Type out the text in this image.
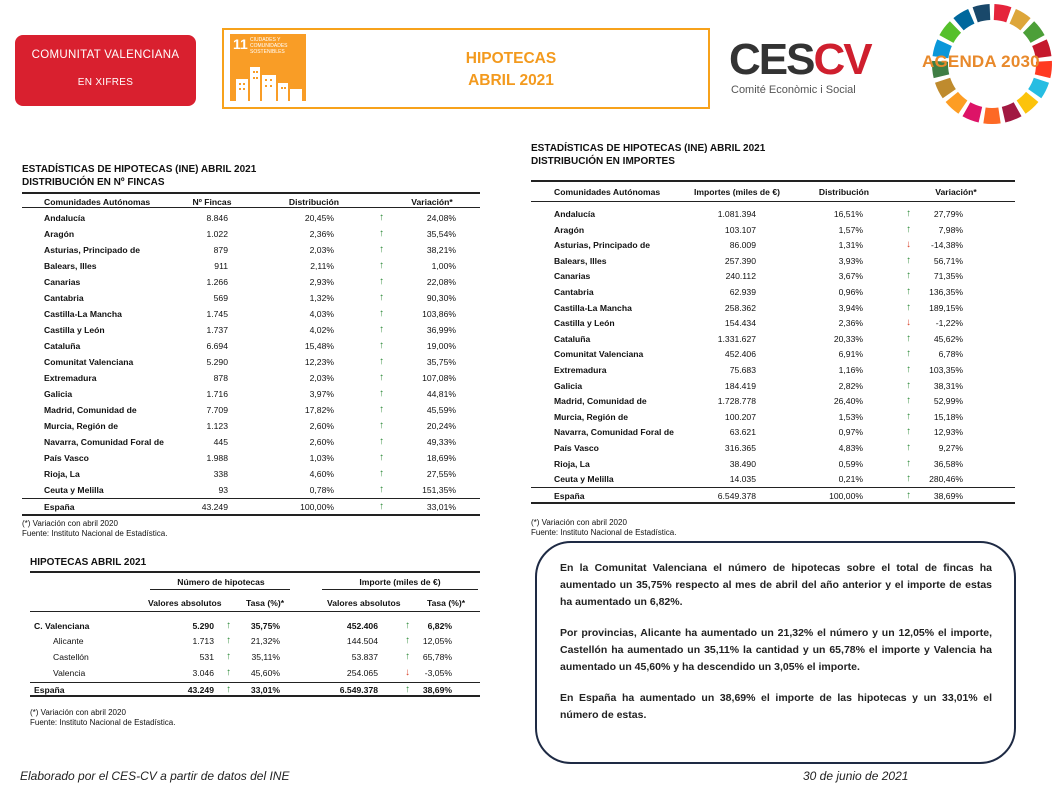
COMUNITAT VALENCIANA
EN XIFRES
11 CIUDADES Y COMUNIDADES SOSTENIBLES	HIPOTECAS
ABRIL 2021	CESCV
Comité Econòmic i Social
AGENDA 2030
ESTADÍSTICAS DE HIPOTECAS (INE) ABRIL 2021
DISTRIBUCIÓN EN Nº FINCAS
Comunidades Autónomas	Nº Fincas	Distribución	Variación*
Andalucía	8.846	20,45%	↑	24,08%
Aragón	1.022	2,36%	↑	35,54%
Asturias, Principado de	879	2,03%	↑	38,21%
Balears, Illes	911	2,11%	↑	1,00%
Canarias	1.266	2,93%	↑	22,08%
Cantabria	569	1,32%	↑	90,30%
Castilla-La Mancha	1.745	4,03%	↑	103,86%
Castilla y León	1.737	4,02%	↑	36,99%
Cataluña	6.694	15,48%	↑	19,00%
Comunitat Valenciana	5.290	12,23%	↑	35,75%
Extremadura	878	2,03%	↑	107,08%
Galicia	1.716	3,97%	↑	44,81%
Madrid, Comunidad de	7.709	17,82%	↑	45,59%
Murcia, Región de	1.123	2,60%	↑	20,24%
Navarra, Comunidad Foral de	445	2,60%	↑	49,33%
País Vasco	1.988	1,03%	↑	18,69%
Rioja, La	338	4,60%	↑	27,55%
Ceuta y Melilla	93	0,78%	↑	151,35%
España	43.249	100,00%	↑	33,01%
(*) Variación con abril 2020
Fuente: Instituto Nacional de Estadística.
ESTADÍSTICAS DE HIPOTECAS (INE) ABRIL 2021
DISTRIBUCIÓN EN IMPORTES
Comunidades Autónomas	Importes (miles de €)	Distribución	Variación*
Andalucía	1.081.394	16,51%	↑	27,79%
Aragón	103.107	1,57%	↑	7,98%
Asturias, Principado de	86.009	1,31%	↓ -14,38%
Balears, Illes	257.390	3,93%	↑	56,71%
Canarias	240.112	3,67%	↑	71,35%
Cantabria	62.939	0,96%	↑ 136,35%
Castilla-La Mancha	258.362	3,94%	↑ 189,15%
Castilla y León	154.434	2,36%	↓	-1,22%
Cataluña	1.331.627	20,33%	↑	45,62%
Comunitat Valenciana	452.406	6,91%	↑	6,78%
Extremadura	75.683	1,16%	↑ 103,35%
Galicia	184.419	2,82%	↑	38,31%
Madrid, Comunidad de	1.728.778	26,40%	↑	52,99%
Murcia, Región de	100.207	1,53%	↑	15,18%
Navarra, Comunidad Foral de	63.621	0,97%	↑	12,93%
País Vasco	316.365	4,83%	↑	9,27%
Rioja, La	38.490	0,59%	↑	36,58%
Ceuta y Melilla	14.035	0,21%	↑ 280,46%
España	6.549.378	100,00%	↑	38,69%
(*) Variación con abril 2020
Fuente: Instituto Nacional de Estadística.
HIPOTECAS ABRIL 2021
Número de hipotecas	Importe (miles de €)
Valores absolutos	Tasa (%)*	Valores absolutos	Tasa (%)*
C. Valenciana	5.290 ↑ 35,75%	452.406	↑ 6,82%
Alicante	1.713 ↑ 21,32%	144.504	↑ 12,05%
Castellón	531 ↑ 35,11%	53.837	↑ 65,78%
Valencia	3.046 ↑ 45,60%	254.065	↓ -3,05%
España	43.249 ↑ 33,01%	6.549.378	↑ 38,69%
(*) Variación con abril 2020
Fuente: Instituto Nacional de Estadística.

En la Comunitat Valenciana el número de hipotecas sobre el total de fincas ha aumentado un 35,75% respecto al mes de abril del año anterior y el importe de estas ha aumentado un 6,82%.

Por provincias, Alicante ha aumentado un 21,32% el número y un 12,05% el importe, Castellón ha aumentado un 35,11% la cantidad y un 65,78% el importe y Valencia ha aumentado un 45,60% y ha descendido un 3,05% el importe.

En España ha aumentado un 38,69% el importe de las hipotecas y un 33,01% el número de estas.

Elaborado por el CES-CV a partir de datos del INE	30 de junio de 2021
